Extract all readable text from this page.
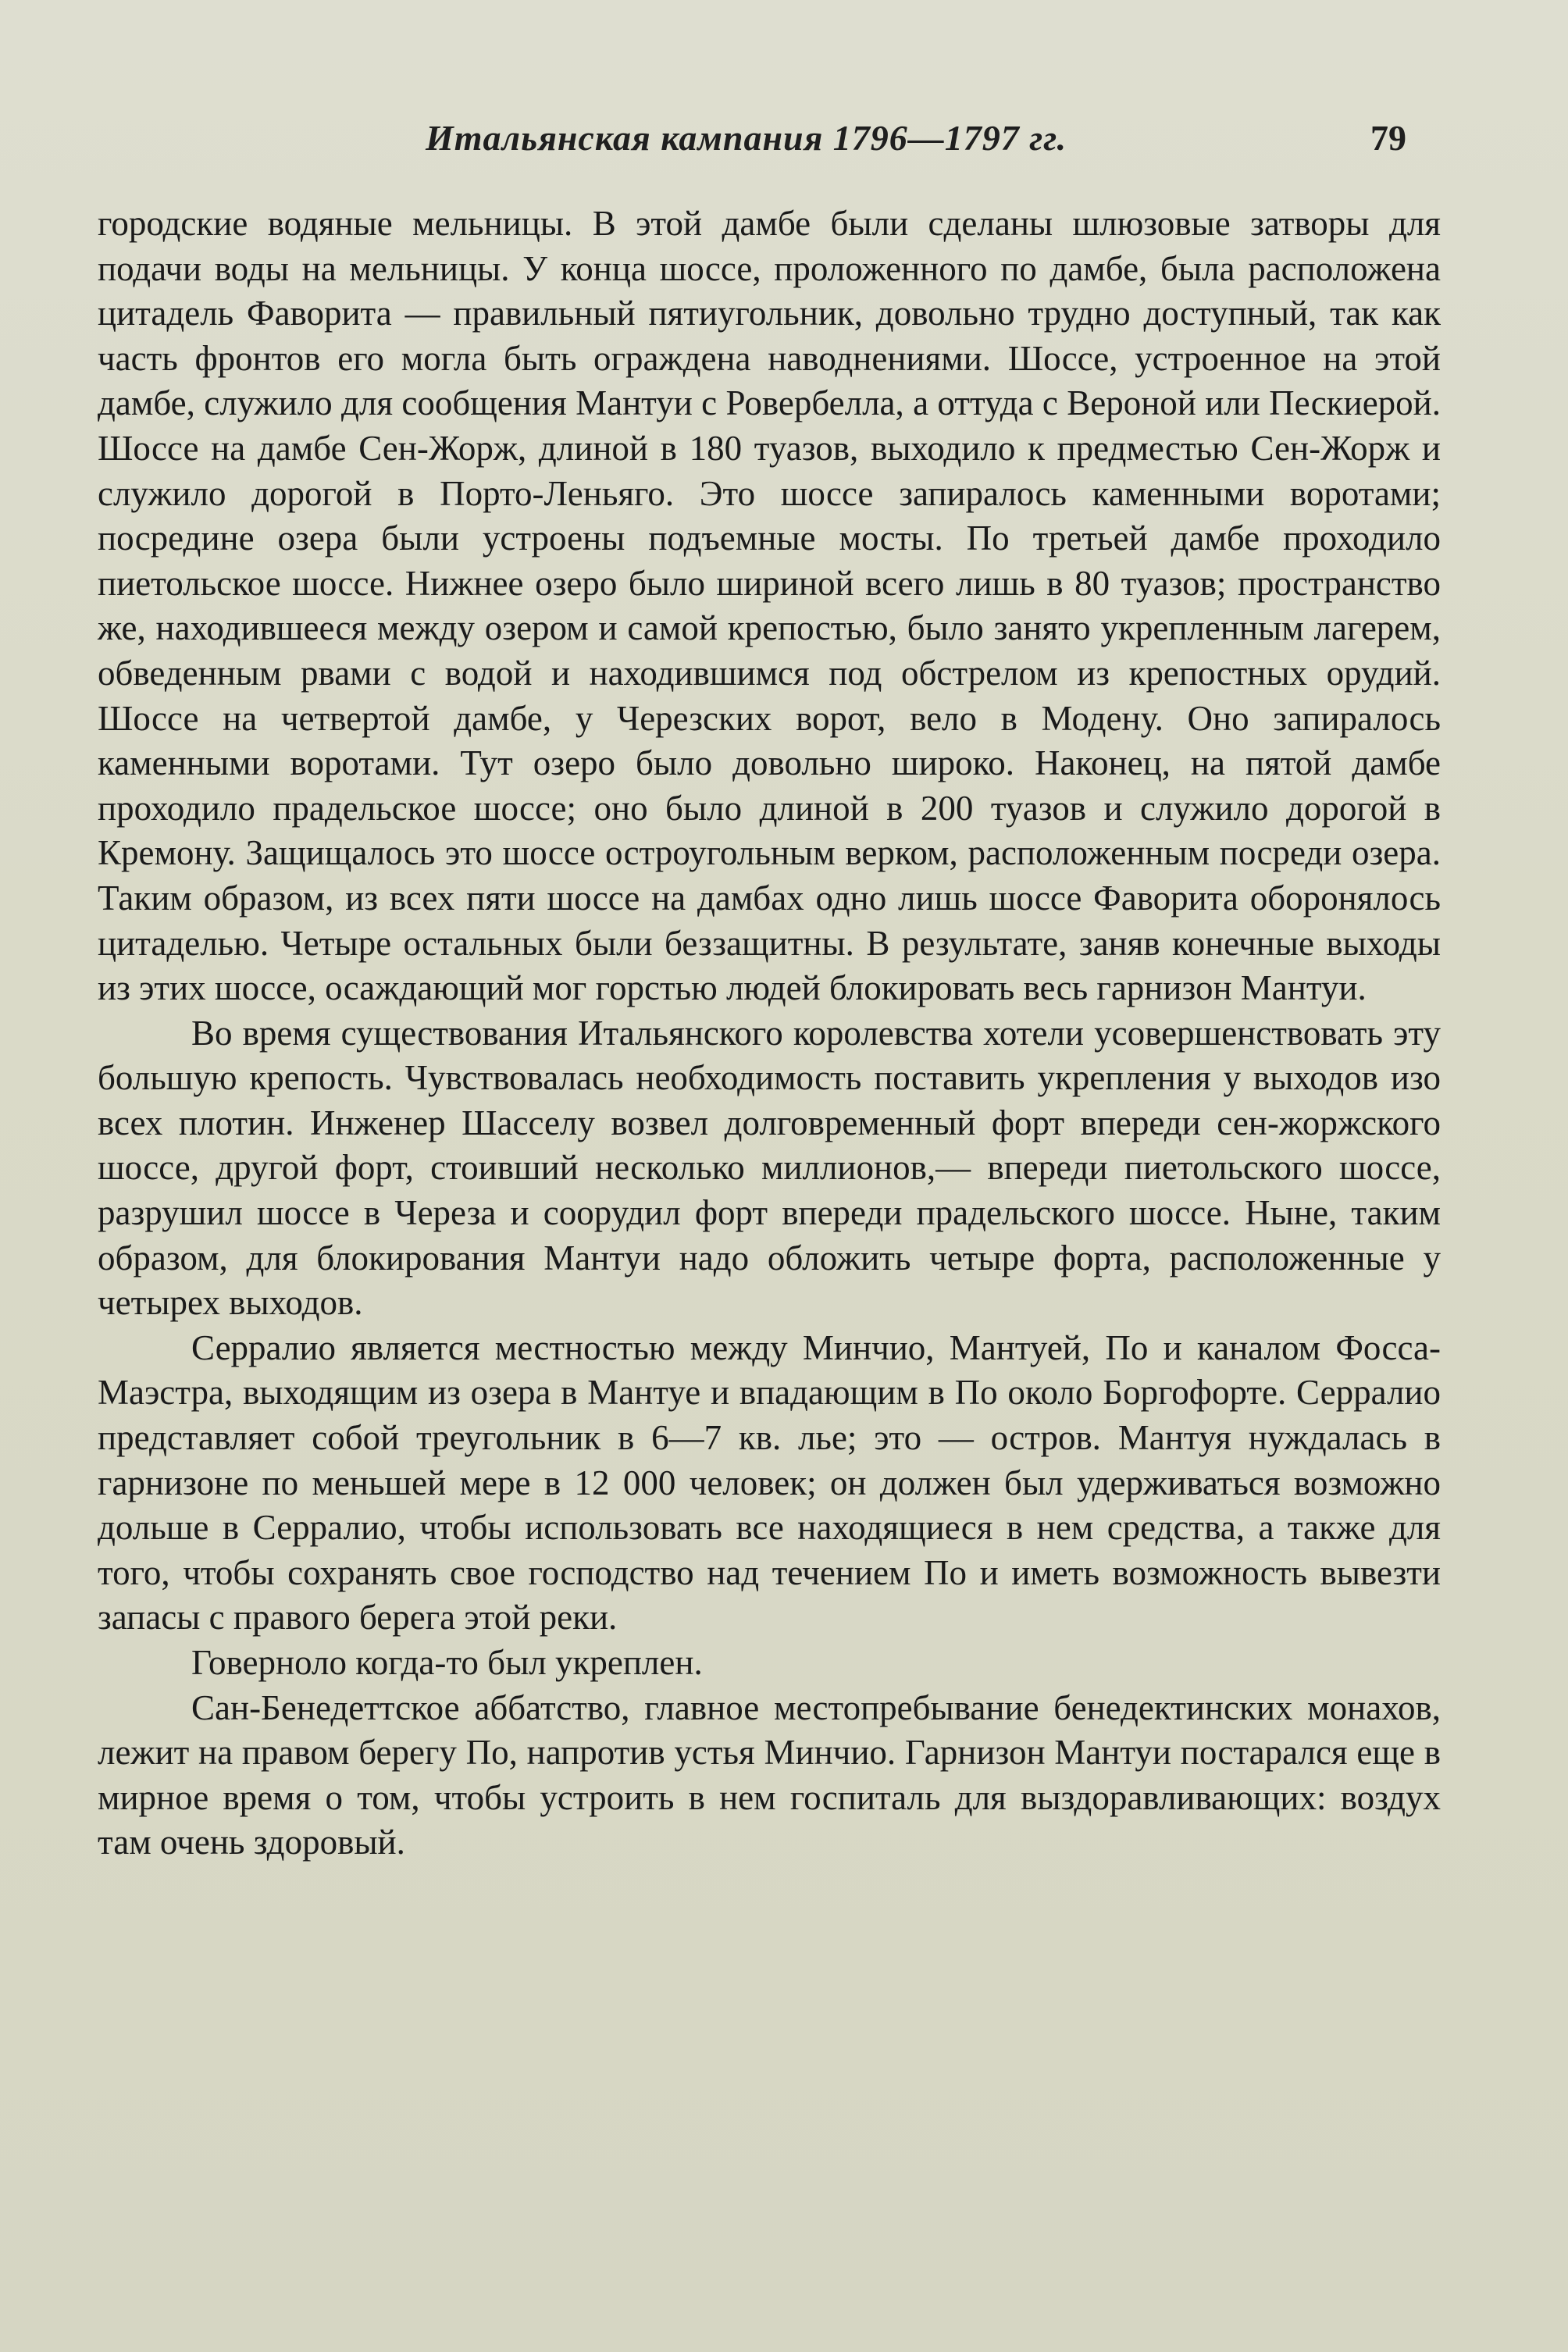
Итальянская кампания 1796—1797 гг.	79

городские водяные мельницы. В этой дамбе были сделаны шлюзовые затворы для подачи воды на мельницы. У конца шоссе, проложенного по дамбе, была расположена цитадель Фаворита — правильный пятиугольник, довольно трудно доступный, так как часть фронтов его могла быть ограждена наводнениями. Шоссе, устроенное на этой дамбе, служило для сообщения Мантуи с Ровербелла, а оттуда с Вероной или Пескиерой. Шоссе на дамбе Сен-Жорж, длиной в 180 туазов, выходило к предместью Сен-Жорж и служило дорогой в Порто-Леньяго. Это шоссе запиралось каменными воротами; посредине озера были устроены подъемные мосты. По третьей дамбе проходило пиетольское шоссе. Нижнее озеро было шириной всего лишь в 80 туазов; пространство же, находившееся между озером и самой крепостью, было занято укрепленным лагерем, обведенным рвами с водой и находившимся под обстрелом из крепостных орудий. Шоссе на четвертой дамбе, у Черезских ворот, вело в Модену. Оно запиралось каменными воротами. Тут озеро было довольно широко. Наконец, на пятой дамбе проходило прадельское шоссе; оно было длиной в 200 туазов и служило дорогой в Кремону. Защищалось это шоссе остроугольным верком, расположенным посреди озера. Таким образом, из всех пяти шоссе на дамбах одно лишь шоссе Фаворита оборонялось цитаделью. Четыре остальных были беззащитны. В результате, заняв конечные выходы из этих шоссе, осаждающий мог горстью людей блокировать весь гарнизон Мантуи.

Во время существования Итальянского королевства хотели усовершенствовать эту большую крепость. Чувствовалась необходимость поставить укрепления у выходов изо всех плотин. Инженер Шасселу возвел долговременный форт впереди сен-жоржского шоссе, другой форт, стоивший несколько миллионов,— впереди пиетольского шоссе, разрушил шоссе в Череза и соорудил форт впереди прадельского шоссе. Ныне, таким образом, для блокирования Мантуи надо обложить четыре форта, расположенные у четырех выходов.

Серралио является местностью между Минчио, Мантуей, По и каналом Фосса-Маэстра, выходящим из озера в Мантуе и впадающим в По около Боргофорте. Серралио представляет собой треугольник в 6—7 кв. лье; это — остров. Мантуя нуждалась в гарнизоне по меньшей мере в 12 000 человек; он должен был удерживаться возможно дольше в Серралио, чтобы использовать все находящиеся в нем средства, а также для того, чтобы сохранять свое господство над течением По и иметь возможность вывезти запасы с правого берега этой реки.

Говерноло когда-то был укреплен.

Сан-Бенедеттское аббатство, главное местопребывание бенедектинских монахов, лежит на правом берегу По, напротив устья Минчио. Гарнизон Мантуи постарался еще в мирное время о том, чтобы устроить в нем госпиталь для выздоравливающих: воздух там очень здоровый.
